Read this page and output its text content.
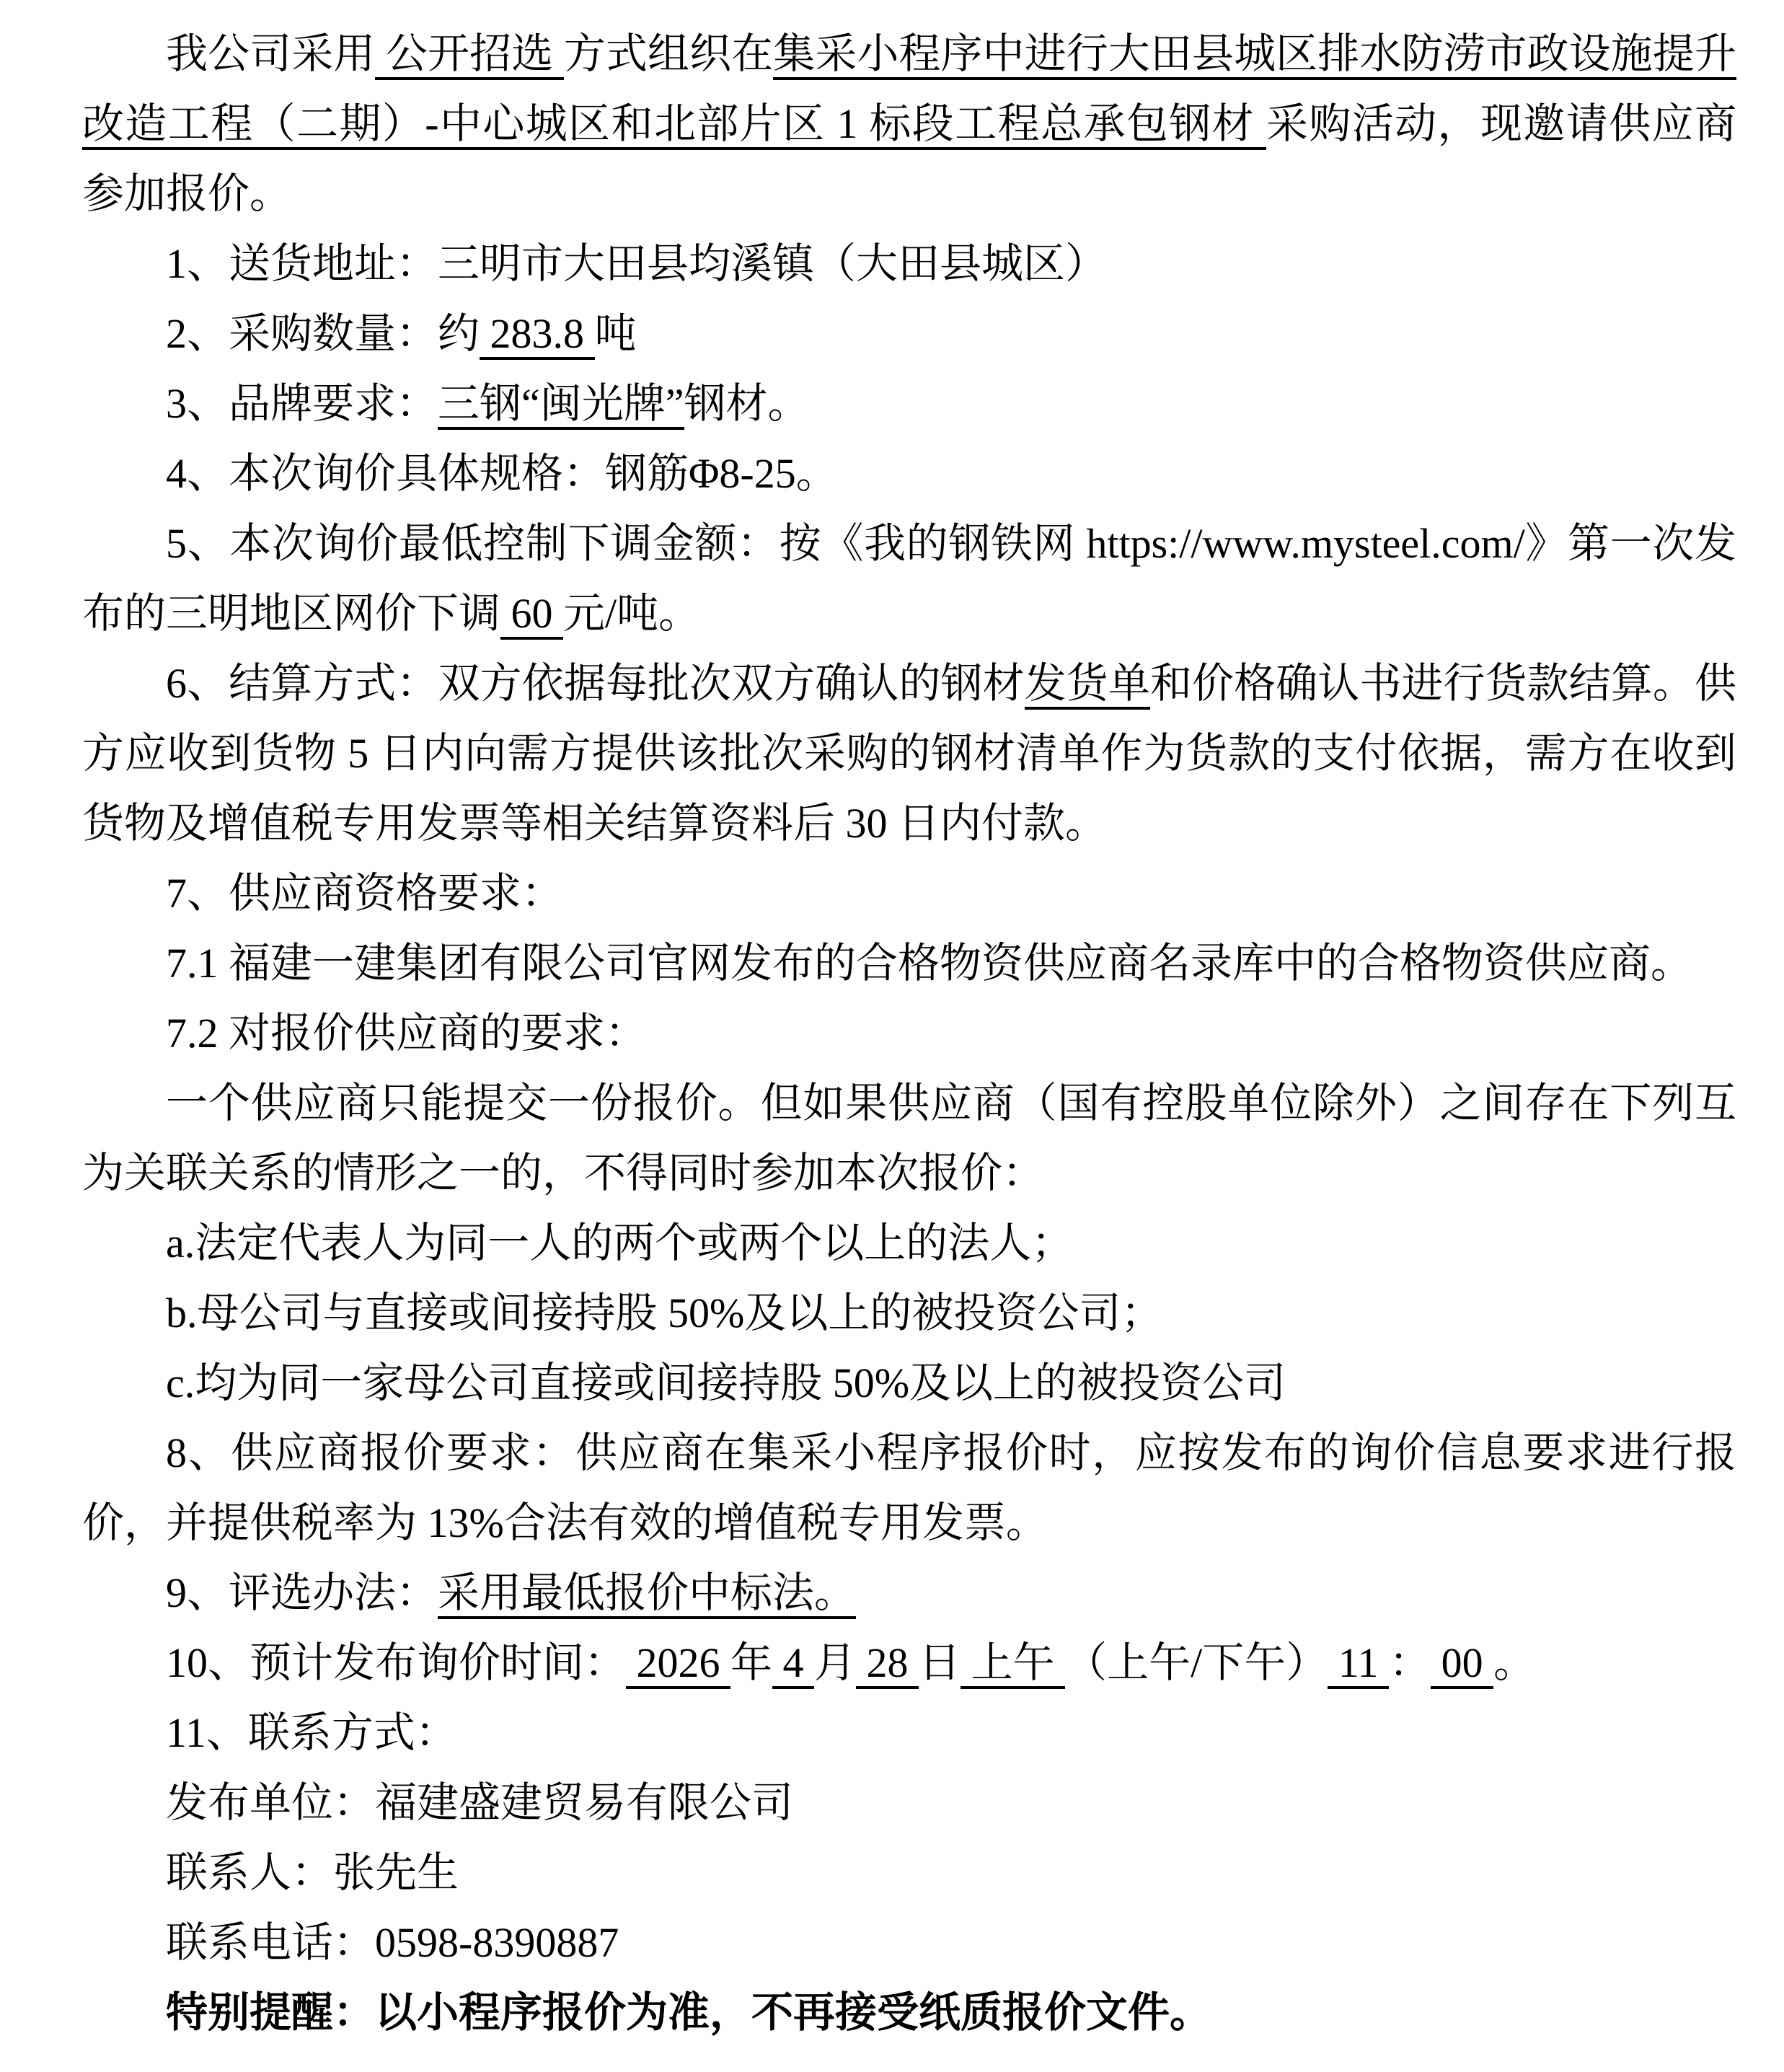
我公司采用 公开招选 方式组织在集采小程序中进行大田县城区排水防涝市政设施提升改造工程（二期）-中心城区和北部片区 1 标段工程总承包钢材 采购活动，现邀请供应商参加报价。

1、送货地址：三明市大田县均溪镇（大田县城区）

2、采购数量：约 283.8 吨

3、品牌要求：三钢“闽光牌”钢材。

4、本次询价具体规格：钢筋Φ8-25。

5、本次询价最低控制下调金额：按《我的钢铁网 https://www.mysteel.com/》第一次发布的三明地区网价下调 60 元/吨。

6、结算方式：双方依据每批次双方确认的钢材发货单和价格确认书进行货款结算。供方应收到货物 5 日内向需方提供该批次采购的钢材清单作为货款的支付依据，需方在收到货物及增值税专用发票等相关结算资料后 30 日内付款。

7、供应商资格要求：

7.1 福建一建集团有限公司官网发布的合格物资供应商名录库中的合格物资供应商。

7.2 对报价供应商的要求：

一个供应商只能提交一份报价。但如果供应商（国有控股单位除外）之间存在下列互为关联关系的情形之一的，不得同时参加本次报价：

a.法定代表人为同一人的两个或两个以上的法人；

b.母公司与直接或间接持股 50%及以上的被投资公司；

c.均为同一家母公司直接或间接持股 50%及以上的被投资公司

8、供应商报价要求：供应商在集采小程序报价时，应按发布的询价信息要求进行报价，并提供税率为 13%合法有效的增值税专用发票。

9、评选办法：采用最低报价中标法。

10、预计发布询价时间： 2026 年 4 月 28 日 上午 （上午/下午） 11 ： 00 。

11、联系方式：

发布单位：福建盛建贸易有限公司

联系人：张先生

联系电话：0598-8390887

特别提醒：以小程序报价为准，不再接受纸质报价文件。
